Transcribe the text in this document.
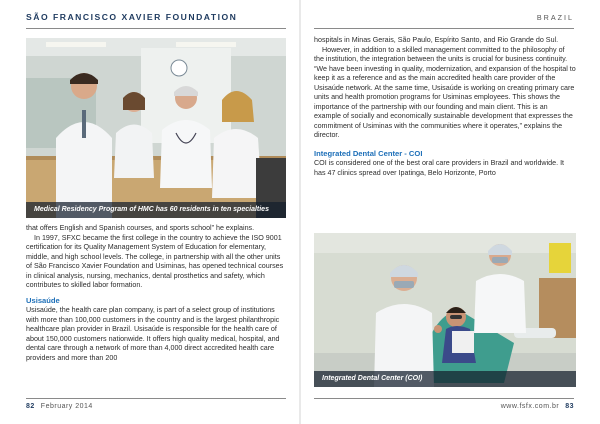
SÃO FRANCISCO XAVIER FOUNDATION
Medical Residency Program of HMC has 60 residents in ten specialties

that offers English and Spanish courses, and sports school” he explains.

In 1997, SFXC became the first college in the country to achieve the ISO 9001 certification for its Quality Management System of Education for elementary, middle, and high school levels. The college, in partnership with all the other units of São Francisco Xavier Foundation and Usiminas, has opened technical courses in clinical analysis, nursing, mechanics, dental prosthetics and safety, which contributes to skilled labor formation.

Usisaúde

Usisaúde, the health care plan company, is part of a select group of institutions with more than 100,000 customers in the country and is the largest philanthropic healthcare plan provider in Brazil. Usisaúde is responsible for the health care of about 150,000 customers nationwide. It offers high quality medical, hospital, and dental care through a network of more than 4,000 direct accredited health care providers and more than 200

82 February 2014
BRAZIL

hospitals in Minas Gerais, São Paulo, Espírito Santo, and Rio Grande do Sul.

However, in addition to a skilled management committed to the philosophy of the institution, the integration between the units is crucial for business continuity. “We have been investing in quality, modernization, and expansion of the hospital to keep it as a reference and as the main accredited health care provider of the Usisaúde network. At the same time, Usisaúde is working on creating primary care units and health promotion programs for Usiminas employees. This shows the importance of the partnership with our founding and main client. This is an example of socially and economically sustainable development that expresses the commitment of Usiminas with the communities where it operates,” explains the director.

Integrated Dental Center - COI

COI is considered one of the best oral care providers in Brazil and worldwide. It has 47 clinics spread over Ipatinga, Belo Horizonte, Porto

Integrated Dental Center (COI)
www.fsfx.com.br 83
